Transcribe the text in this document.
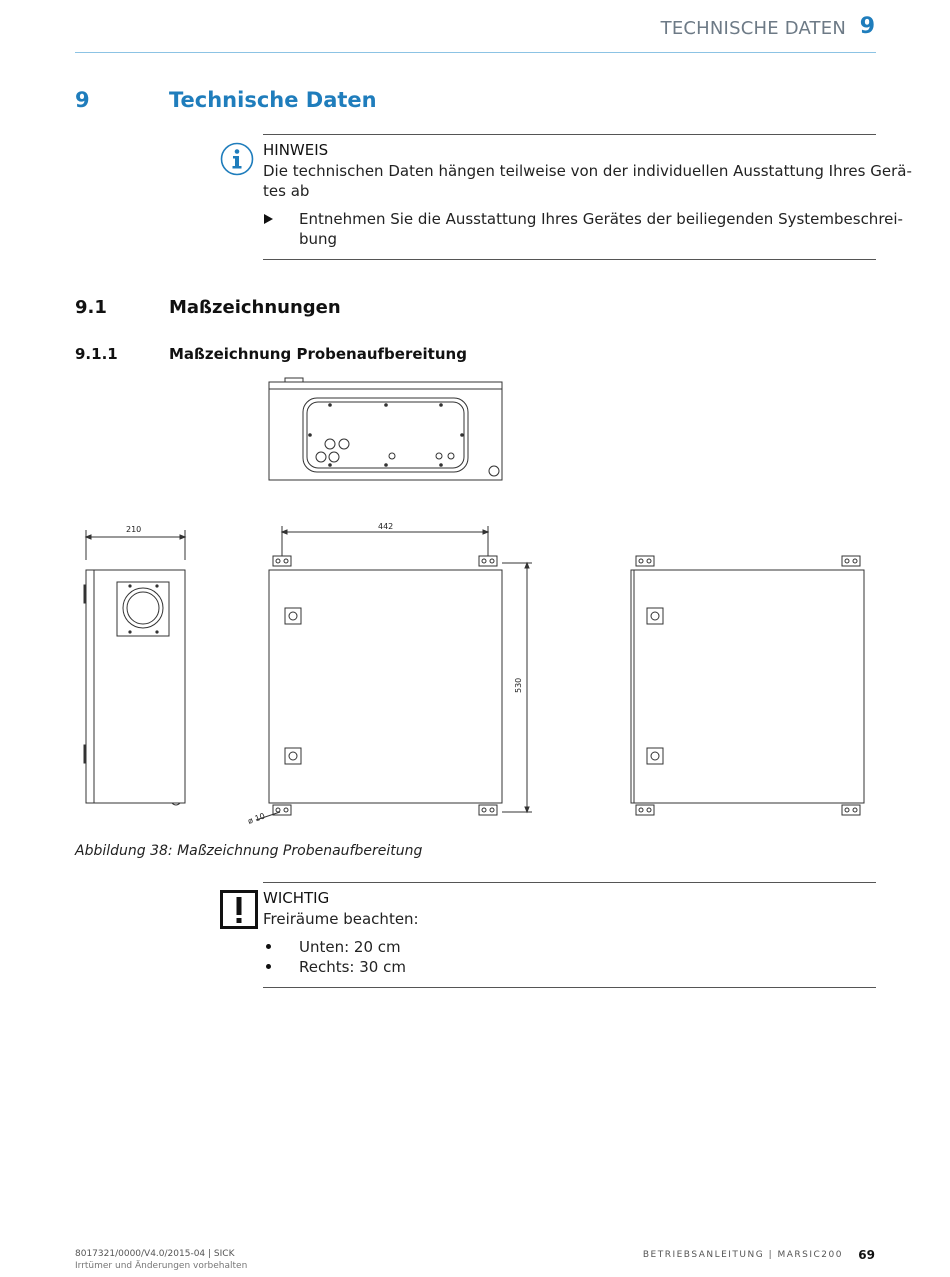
TECHNISCHE DATEN 9
9	Technische Daten
HINWEIS
Die technischen Daten hängen teilweise von der individuellen Ausstattung Ihres Gerä-
tes ab
Entnehmen Sie die Ausstattung Ihres Gerätes der beiliegenden Systembeschrei-
bung
9.1	Maßzeichnungen
9.1.1	Maßzeichnung Probenaufbereitung
210	442
530
ø 10
Abbildung 38: Maßzeichnung Probenaufbereitung
WICHTIG
Freiräume beachten:
Unten: 20 cm
Rechts: 30 cm
8017321/0000/V4.0/2015-04 | SICK
Irrtümer und Änderungen vorbehalten
BETRIEBSANLEITUNG | MARSIC200 69
